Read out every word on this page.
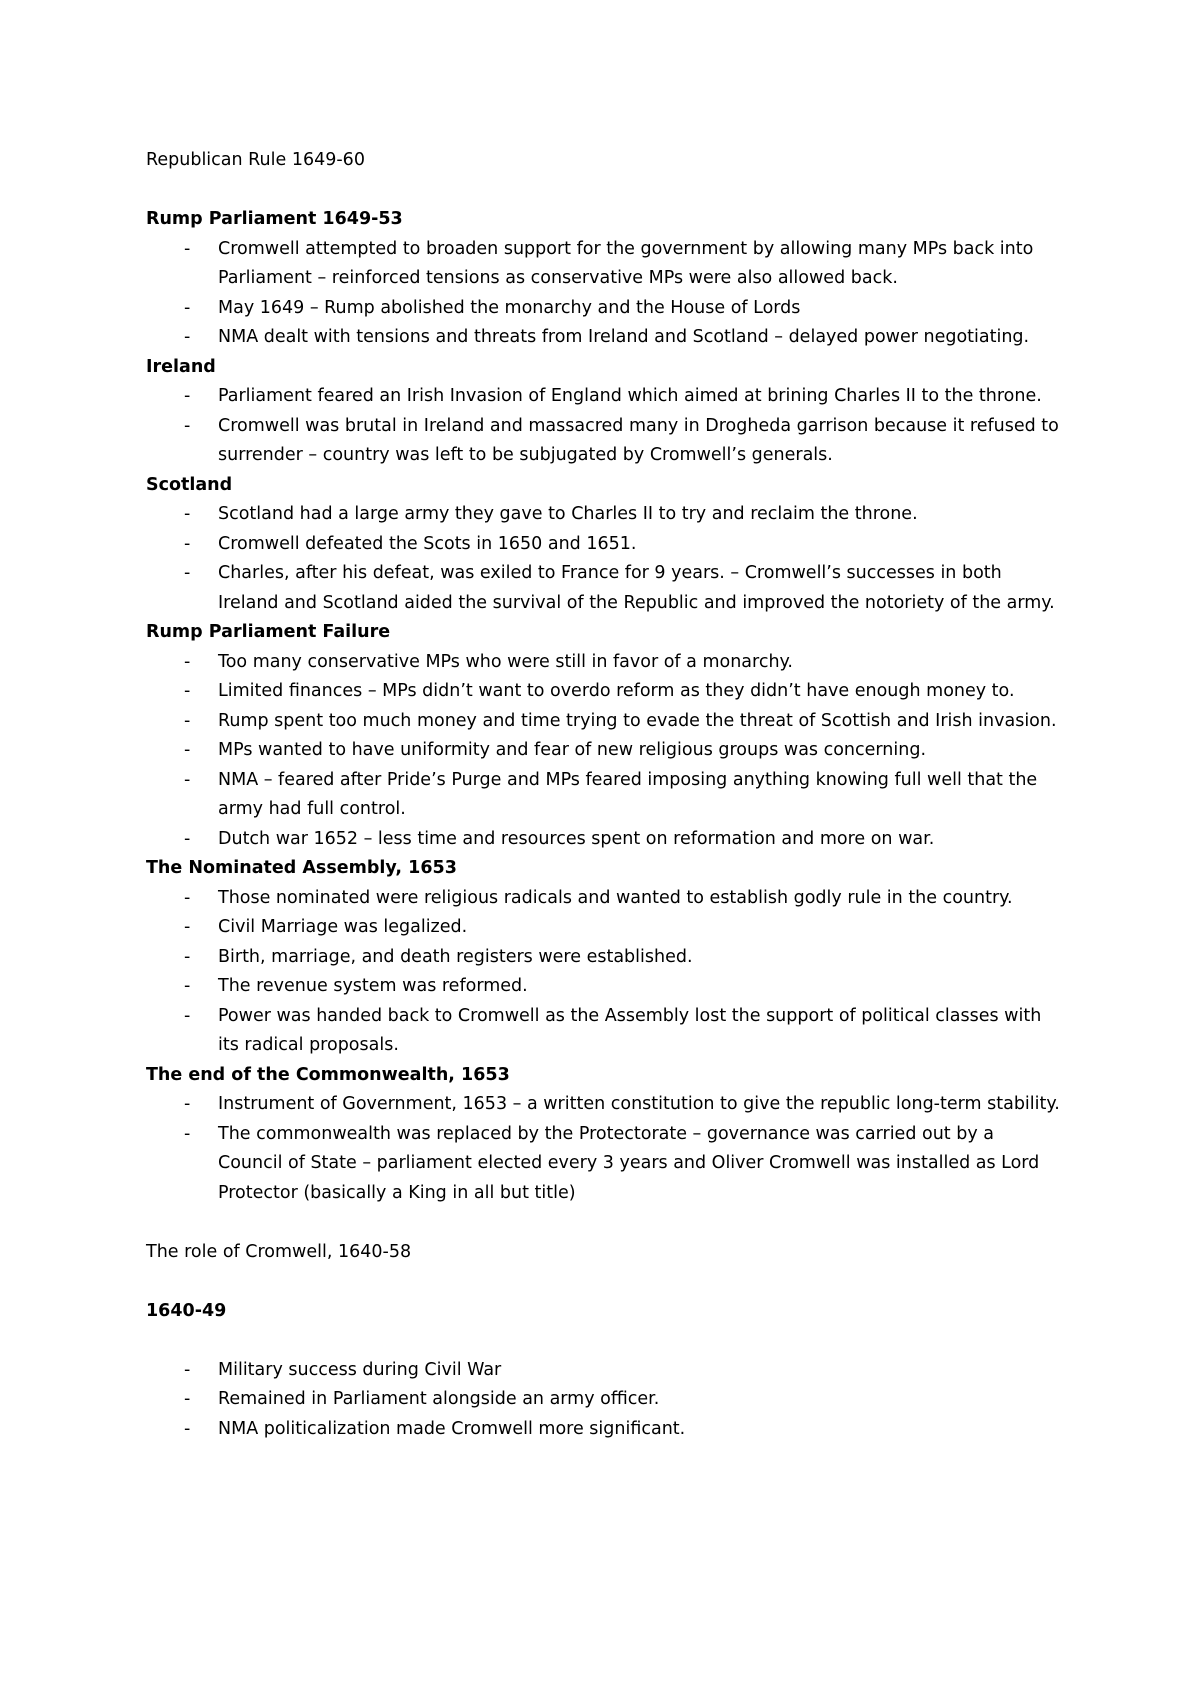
Republican Rule 1649-60

Rump Parliament 1649-53

- Cromwell attempted to broaden support for the government by allowing many MPs back into Parliament – reinforced tensions as conservative MPs were also allowed back.
- May 1649 – Rump abolished the monarchy and the House of Lords
- NMA dealt with tensions and threats from Ireland and Scotland – delayed power negotiating.

Ireland

- Parliament feared an Irish Invasion of England which aimed at brining Charles II to the throne.
- Cromwell was brutal in Ireland and massacred many in Drogheda garrison because it refused to surrender – country was left to be subjugated by Cromwell’s generals.

Scotland

- Scotland had a large army they gave to Charles II to try and reclaim the throne.
- Cromwell defeated the Scots in 1650 and 1651.
- Charles, after his defeat, was exiled to France for 9 years. – Cromwell’s successes in both Ireland and Scotland aided the survival of the Republic and improved the notoriety of the army.

Rump Parliament Failure

- Too many conservative MPs who were still in favor of a monarchy.
- Limited finances – MPs didn’t want to overdo reform as they didn’t have enough money to.
- Rump spent too much money and time trying to evade the threat of Scottish and Irish invasion.
- MPs wanted to have uniformity and fear of new religious groups was concerning.
- NMA – feared after Pride’s Purge and MPs feared imposing anything knowing full well that the army had full control.
- Dutch war 1652 – less time and resources spent on reformation and more on war.

The Nominated Assembly, 1653

- Those nominated were religious radicals and wanted to establish godly rule in the country.
- Civil Marriage was legalized.
- Birth, marriage, and death registers were established.
- The revenue system was reformed.
- Power was handed back to Cromwell as the Assembly lost the support of political classes with its radical proposals.

The end of the Commonwealth, 1653

- Instrument of Government, 1653 – a written constitution to give the republic long-term stability.
- The commonwealth was replaced by the Protectorate – governance was carried out by a Council of State – parliament elected every 3 years and Oliver Cromwell was installed as Lord Protector (basically a King in all but title)

The role of Cromwell, 1640-58

1640-49

- Military success during Civil War
- Remained in Parliament alongside an army officer.
- NMA politicalization made Cromwell more significant.
